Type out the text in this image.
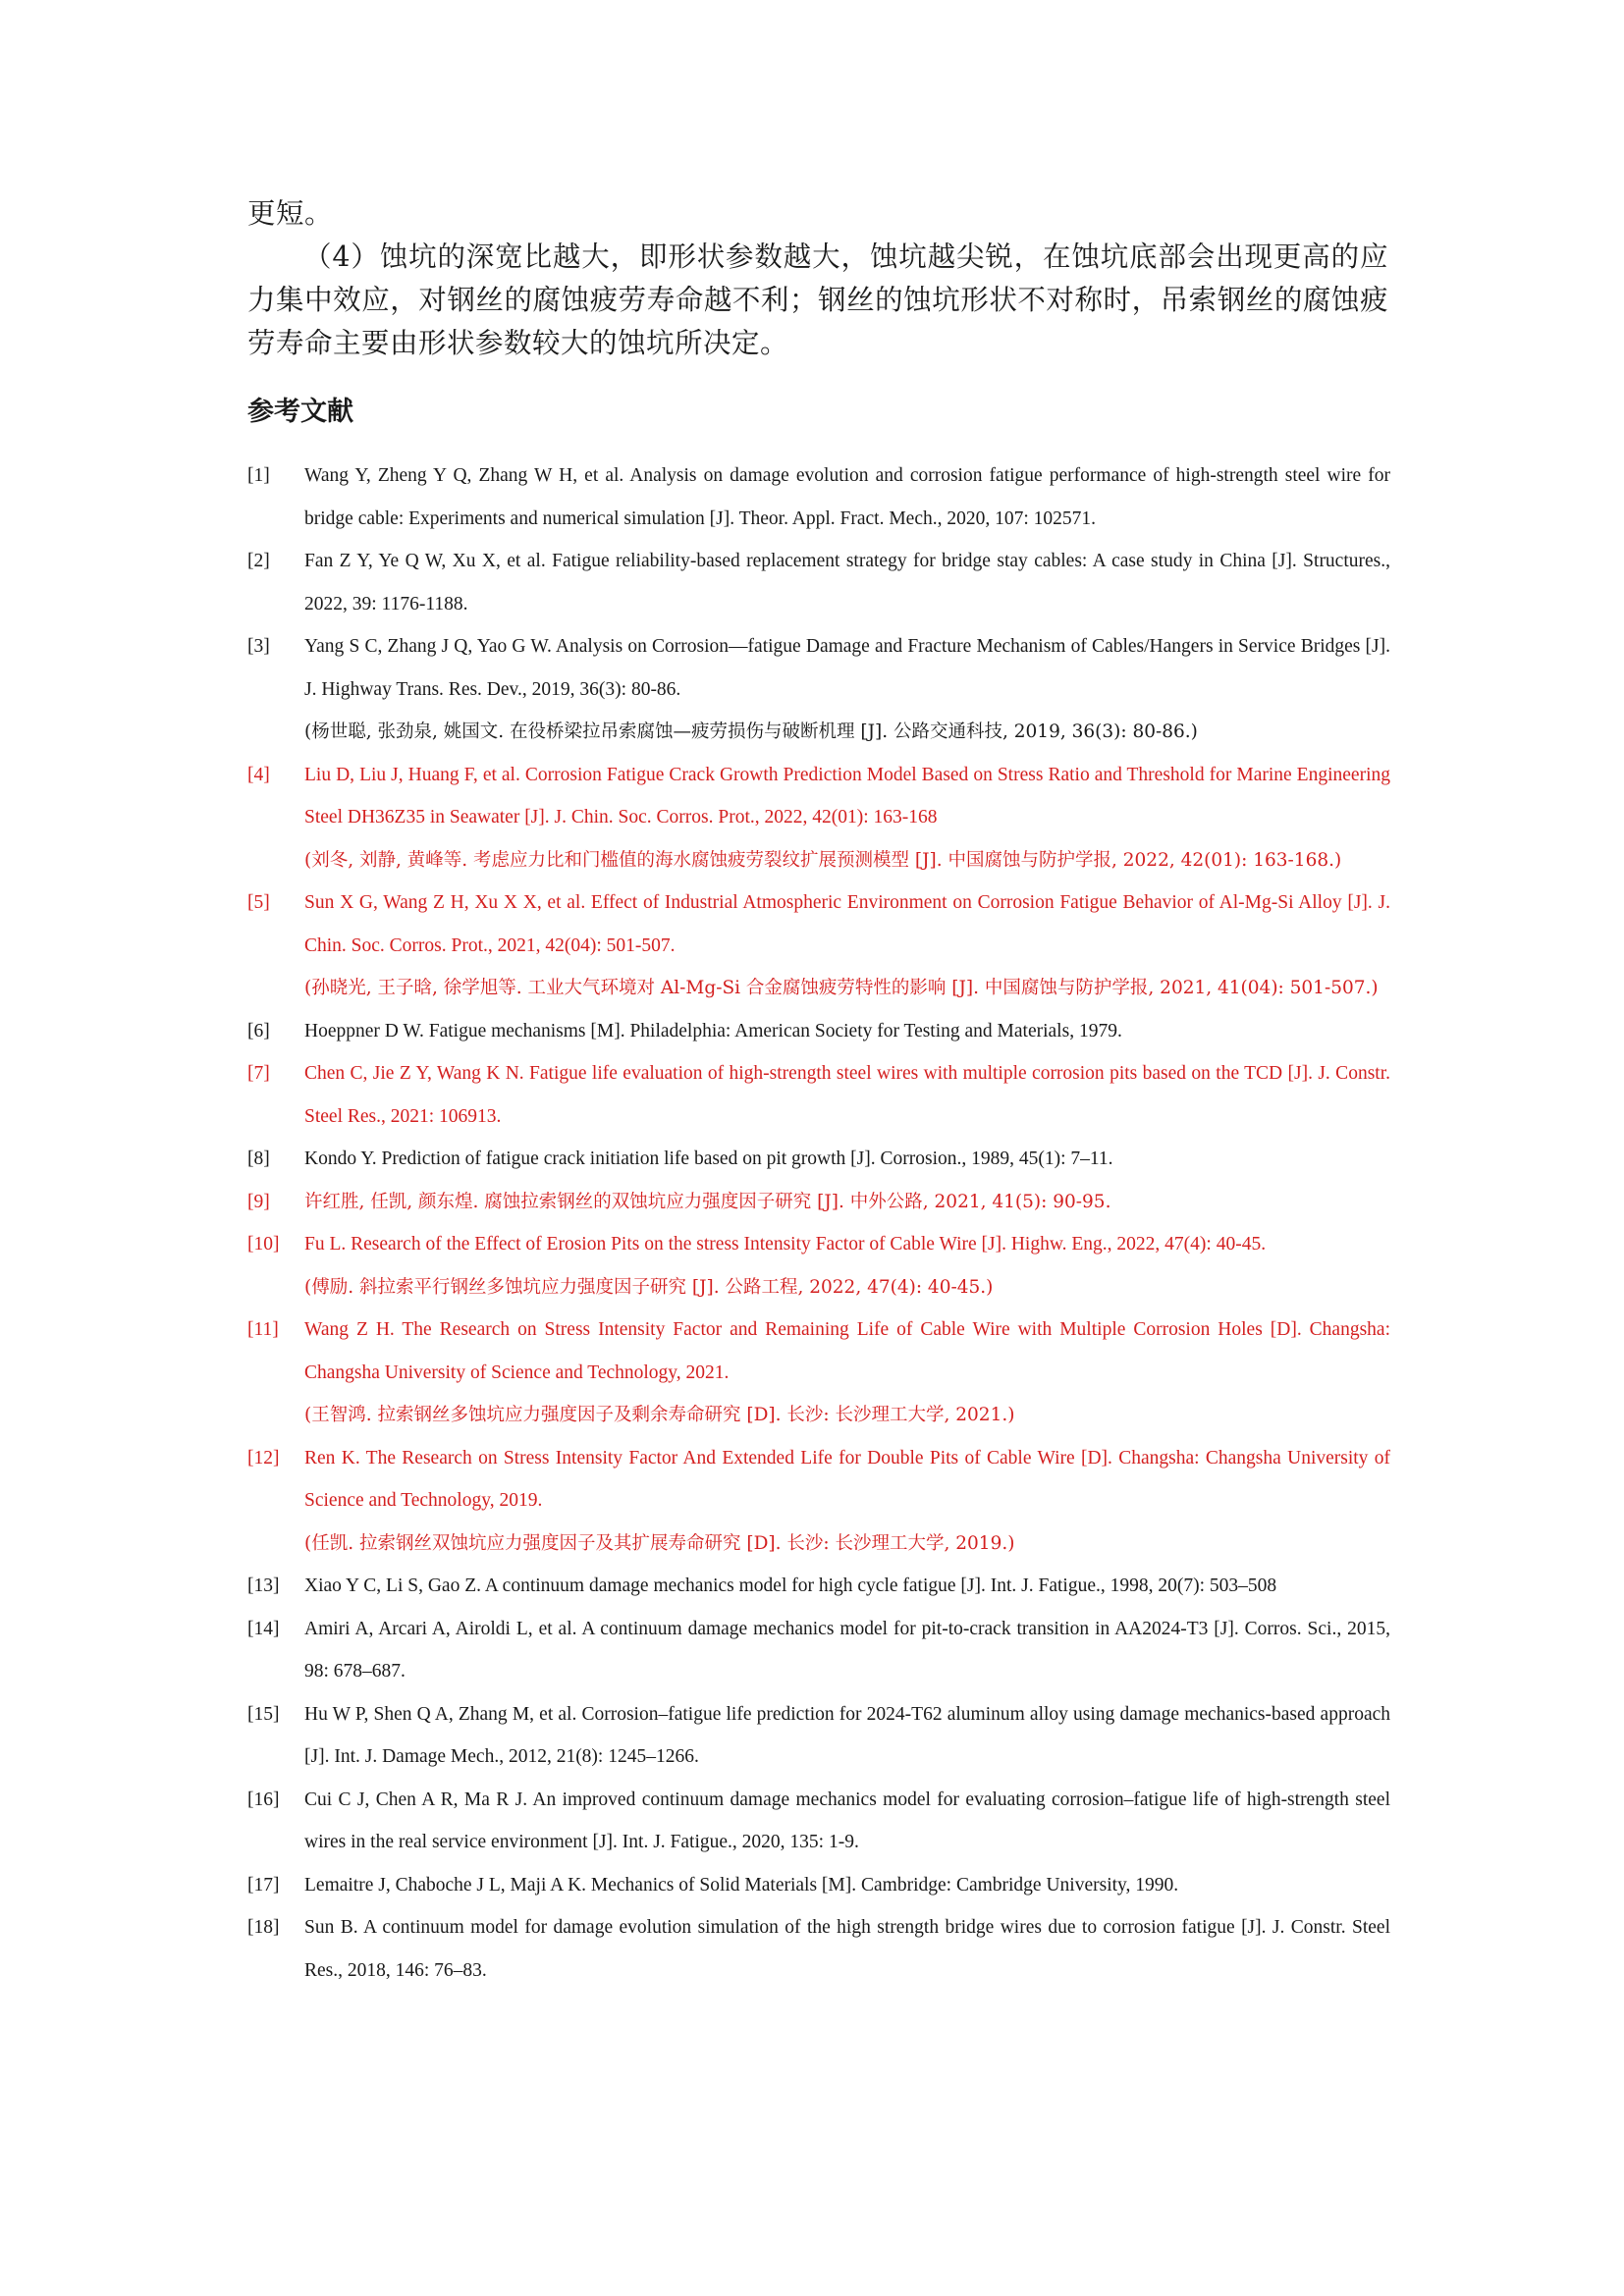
更短。

（4）蚀坑的深宽比越大，即形状参数越大，蚀坑越尖锐，在蚀坑底部会出现更高的应力集中效应，对钢丝的腐蚀疲劳寿命越不利；钢丝的蚀坑形状不对称时，吊索钢丝的腐蚀疲劳寿命主要由形状参数较大的蚀坑所决定。

参考文献
[1] Wang Y, Zheng Y Q, Zhang W H, et al. Analysis on damage evolution and corrosion fatigue performance of high-strength steel wire for bridge cable: Experiments and numerical simulation [J]. Theor. Appl. Fract. Mech., 2020, 107: 102571.
[2] Fan Z Y, Ye Q W, Xu X, et al. Fatigue reliability-based replacement strategy for bridge stay cables: A case study in China [J]. Structures., 2022, 39: 1176-1188.
[3] Yang S C, Zhang J Q, Yao G W. Analysis on Corrosion—fatigue Damage and Fracture Mechanism of Cables/Hangers in Service Bridges [J]. J. Highway Trans. Res. Dev., 2019, 36(3): 80-86.
(杨世聪, 张劲泉, 姚国文. 在役桥梁拉吊索腐蚀—疲劳损伤与破断机理 [J]. 公路交通科技, 2019, 36(3): 80-86.)
[4] Liu D, Liu J, Huang F, et al. Corrosion Fatigue Crack Growth Prediction Model Based on Stress Ratio and Threshold for Marine Engineering Steel DH36Z35 in Seawater [J]. J. Chin. Soc. Corros. Prot., 2022, 42(01): 163-168
(刘冬, 刘静, 黄峰等. 考虑应力比和门槛值的海水腐蚀疲劳裂纹扩展预测模型 [J]. 中国腐蚀与防护学报, 2022, 42(01): 163-168.)
[5] Sun X G, Wang Z H, Xu X X, et al. Effect of Industrial Atmospheric Environment on Corrosion Fatigue Behavior of Al-Mg-Si Alloy [J]. J. Chin. Soc. Corros. Prot., 2021, 42(04): 501-507.
(孙晓光, 王子晗, 徐学旭等. 工业大气环境对 Al-Mg-Si 合金腐蚀疲劳特性的影响 [J]. 中国腐蚀与防护学报, 2021, 41(04): 501-507.)
[6] Hoeppner D W. Fatigue mechanisms [M]. Philadelphia: American Society for Testing and Materials, 1979.
[7] Chen C, Jie Z Y, Wang K N. Fatigue life evaluation of high-strength steel wires with multiple corrosion pits based on the TCD [J]. J. Constr. Steel Res., 2021: 106913.
[8] Kondo Y. Prediction of fatigue crack initiation life based on pit growth [J]. Corrosion., 1989, 45(1): 7–11.
[9] 许红胜, 任凯, 颜东煌. 腐蚀拉索钢丝的双蚀坑应力强度因子研究 [J]. 中外公路, 2021, 41(5): 90-95.
[10] Fu L. Research of the Effect of Erosion Pits on the stress Intensity Factor of Cable Wire [J]. Highw. Eng., 2022, 47(4): 40-45.
(傅励. 斜拉索平行钢丝多蚀坑应力强度因子研究 [J]. 公路工程, 2022, 47(4): 40-45.)
[11] Wang Z H. The Research on Stress Intensity Factor and Remaining Life of Cable Wire with Multiple Corrosion Holes [D]. Changsha: Changsha University of Science and Technology, 2021.
(王智鸿. 拉索钢丝多蚀坑应力强度因子及剩余寿命研究 [D]. 长沙: 长沙理工大学, 2021.)
[12] Ren K. The Research on Stress Intensity Factor And Extended Life for Double Pits of Cable Wire [D]. Changsha: Changsha University of Science and Technology, 2019.
(任凯. 拉索钢丝双蚀坑应力强度因子及其扩展寿命研究 [D]. 长沙: 长沙理工大学, 2019.)
[13] Xiao Y C, Li S, Gao Z. A continuum damage mechanics model for high cycle fatigue [J]. Int. J. Fatigue., 1998, 20(7): 503–508
[14] Amiri A, Arcari A, Airoldi L, et al. A continuum damage mechanics model for pit-to-crack transition in AA2024-T3 [J]. Corros. Sci., 2015, 98: 678–687.
[15] Hu W P, Shen Q A, Zhang M, et al. Corrosion–fatigue life prediction for 2024-T62 aluminum alloy using damage mechanics-based approach [J]. Int. J. Damage Mech., 2012, 21(8): 1245–1266.
[16] Cui C J, Chen A R, Ma R J. An improved continuum damage mechanics model for evaluating corrosion–fatigue life of high-strength steel wires in the real service environment [J]. Int. J. Fatigue., 2020, 135: 1-9.
[17] Lemaitre J, Chaboche J L, Maji A K. Mechanics of Solid Materials [M]. Cambridge: Cambridge University, 1990.
[18] Sun B. A continuum model for damage evolution simulation of the high strength bridge wires due to corrosion fatigue [J]. J. Constr. Steel Res., 2018, 146: 76–83.
